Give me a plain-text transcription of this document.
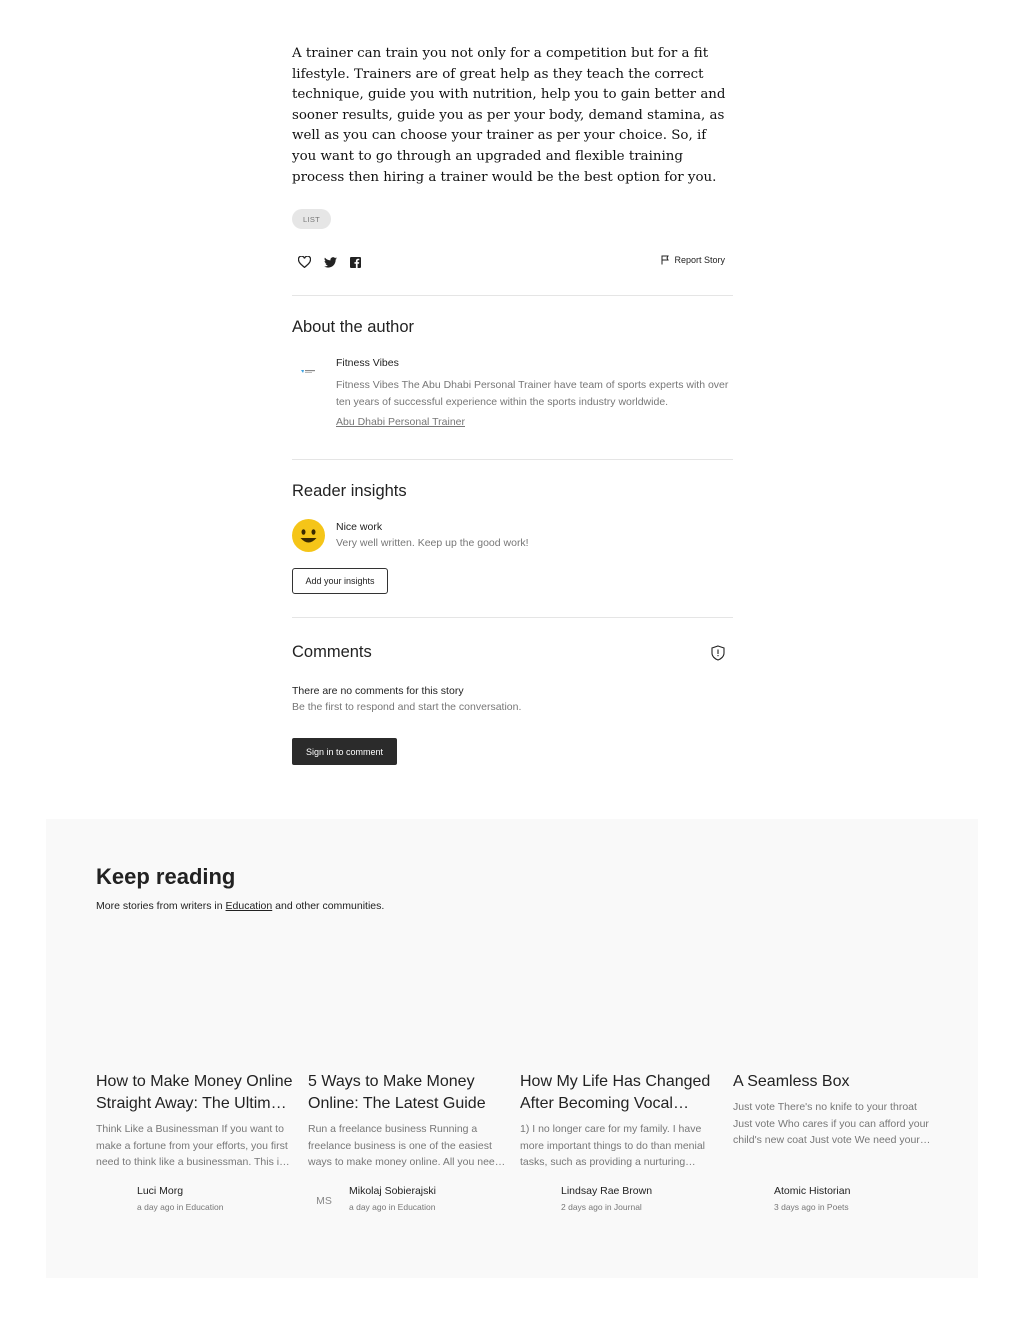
A trainer can train you not only for a competition but for a fit lifestyle. Trainers are of great help as they teach the correct technique, guide you with nutrition, help you to gain better and sooner results, guide you as per your body, demand stamina, as well as you can choose your trainer as per your choice. So, if you want to go through an upgraded and flexible training process then hiring a trainer would be the best option for you.

LIST
Report Story
About the author
Fitness Vibes
Fitness Vibes The Abu Dhabi Personal Trainer have team of sports experts with over ten years of successful experience within the sports industry worldwide.
Abu Dhabi Personal Trainer
Reader insights
Nice work
Very well written. Keep up the good work!
Add your insights
Comments
There are no comments for this story
Be the first to respond and start the conversation.
Sign in to comment
Keep reading
More stories from writers in Education and other communities.
How to Make Money Online Straight Away: The Ultimate
Think Like a Businessman If you want to make a fortune from your efforts, you first need to think like a businessman. This is
5 Ways to Make Money Online: The Latest Guide
Run a freelance business Running a freelance business is one of the easiest ways to make money online. All you need
How My Life Has Changed After Becoming Vocal
1) I no longer care for my family. I have more important things to do than menial tasks, such as providing a nurturing
A Seamless Box
Just vote There's no knife to your throat Just vote Who cares if you can afford your child's new coat Just vote We need your
Luci Morg
a day ago in Education	MS
Mikolaj Sobierajski
a day ago in Education
Lindsay Rae Brown
2 days ago in Journal
Atomic Historian
3 days ago in Poets
